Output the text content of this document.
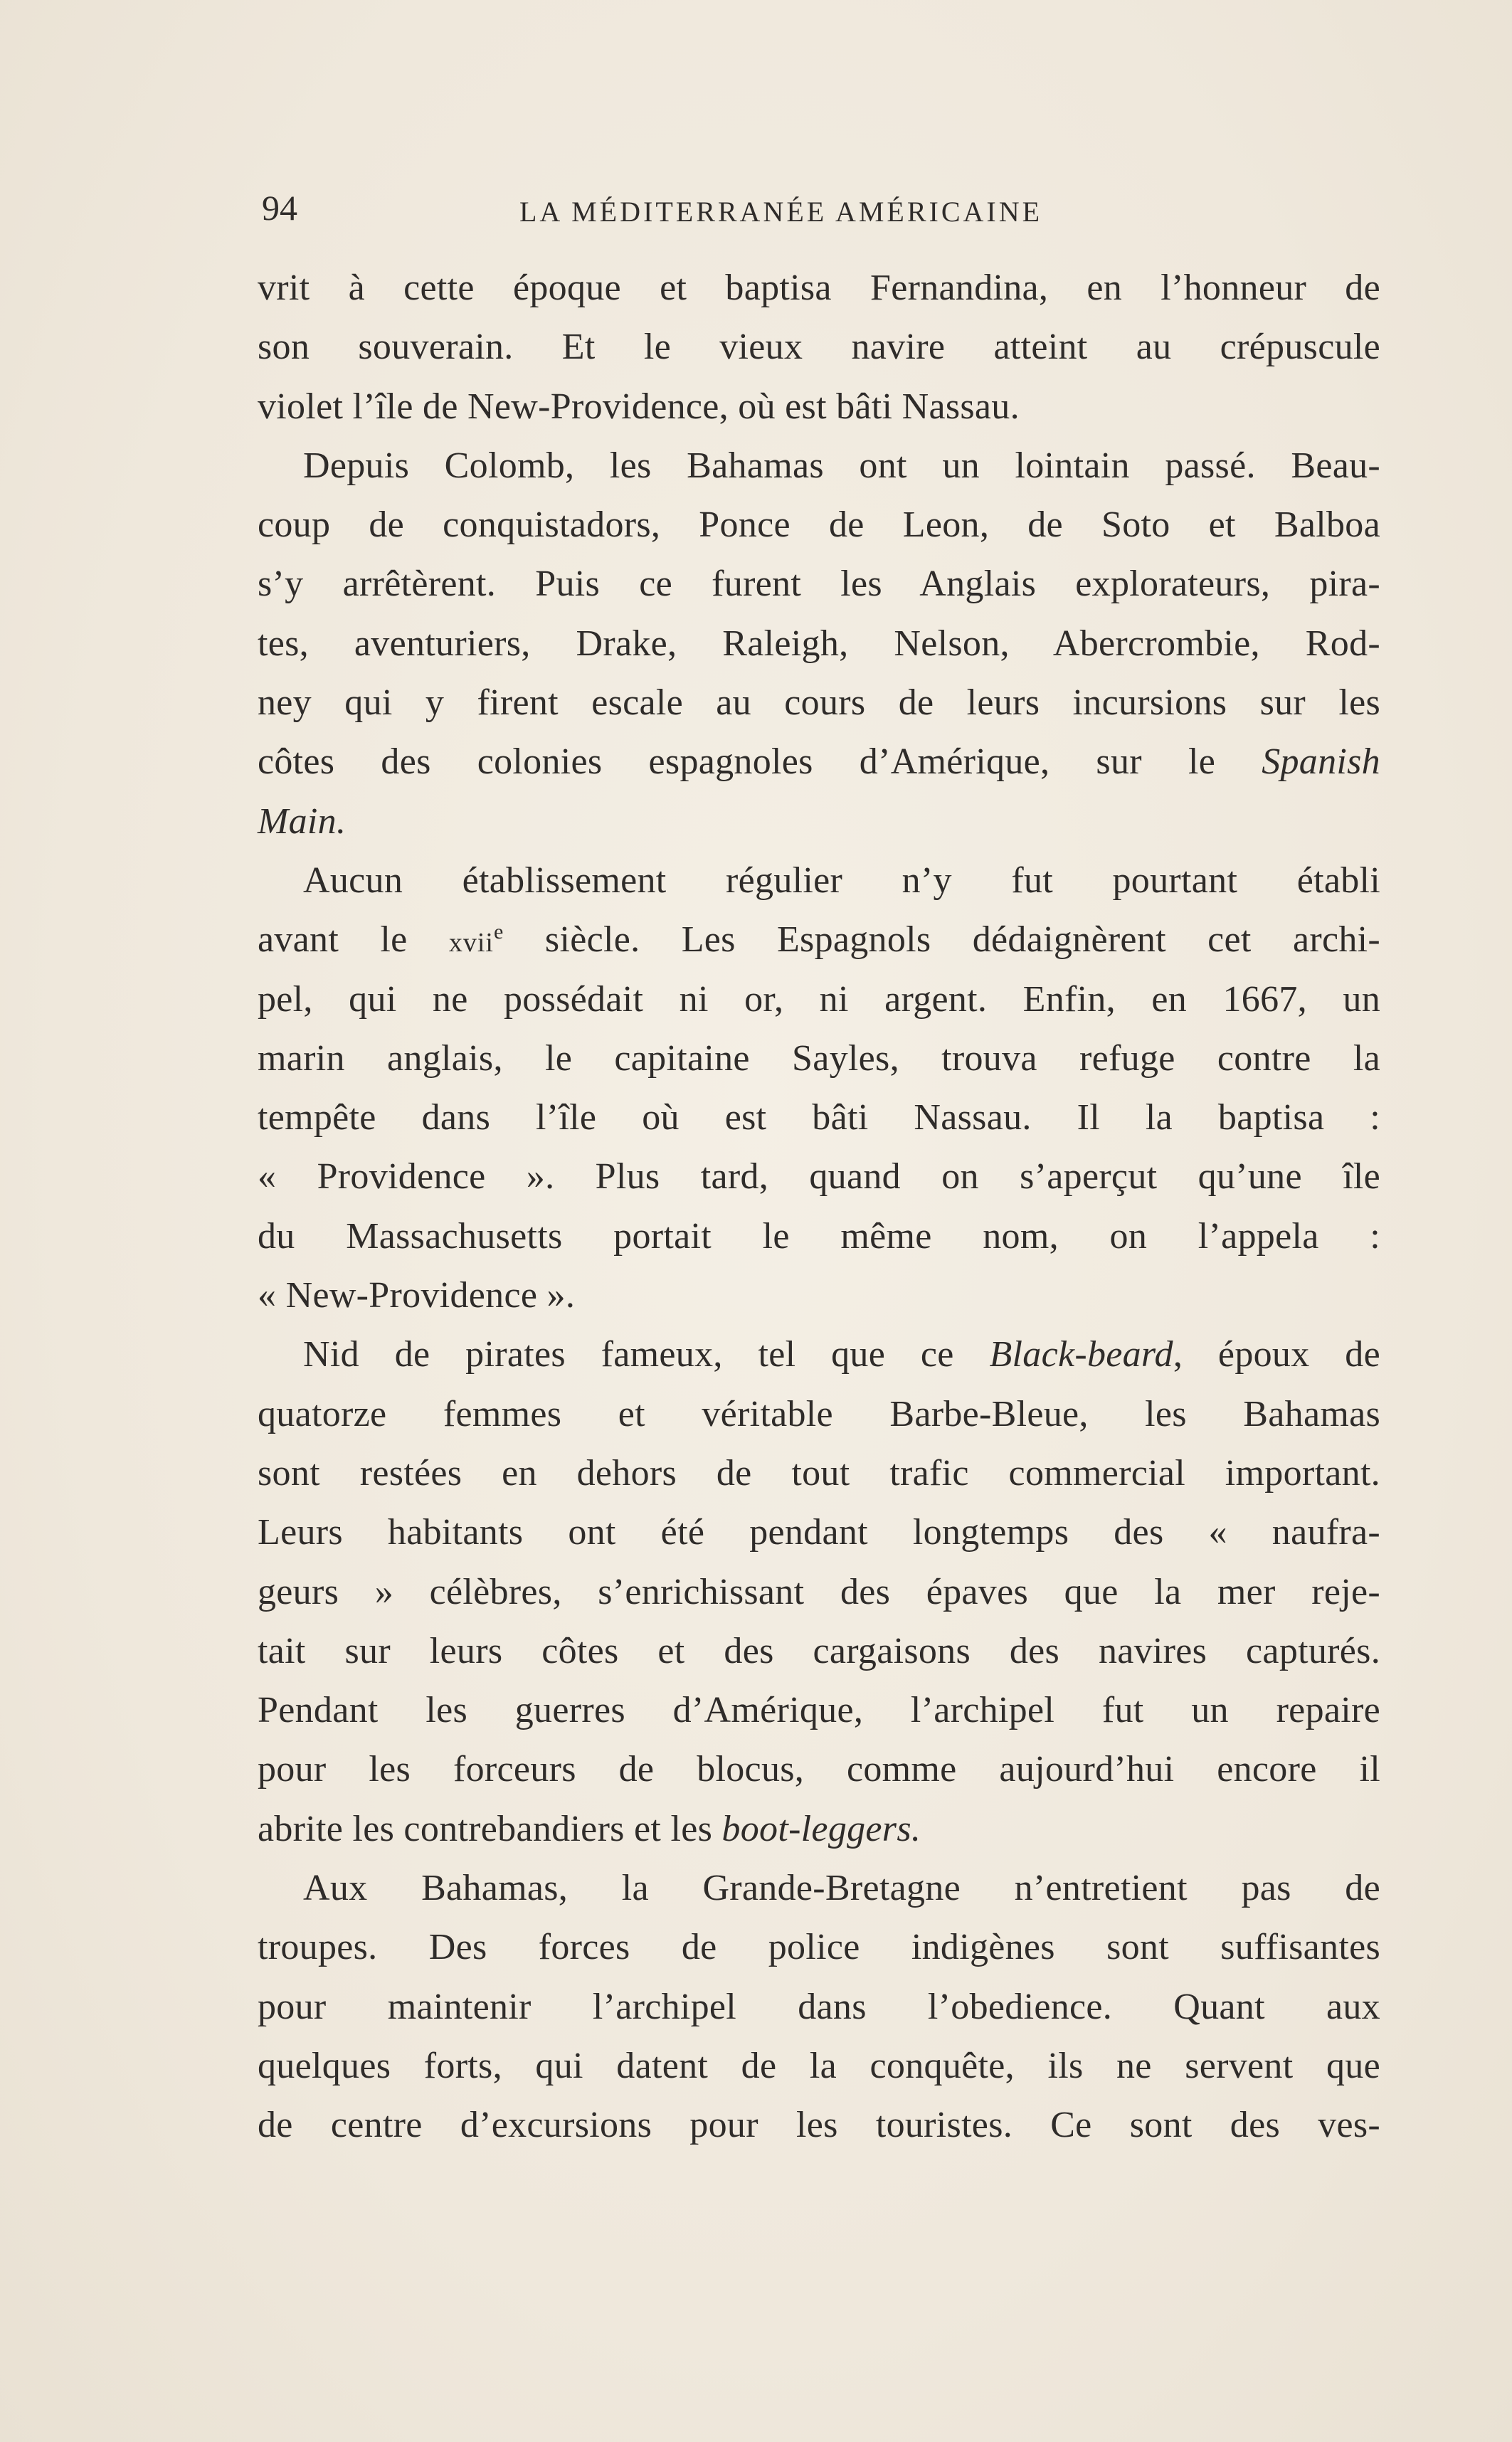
94	LA MÉDITERRANÉE AMÉRICAINE
vrit à cette époque et baptisa Fernandina, en l’honneur de
son souverain. Et le vieux navire atteint au crépuscule
violet l’île de New-Providence, où est bâti Nassau.
Depuis Colomb, les Bahamas ont un lointain passé. Beau-
coup de conquistadors, Ponce de Leon, de Soto et Balboa
s’y arrêtèrent. Puis ce furent les Anglais explorateurs, pira-
tes, aventuriers, Drake, Raleigh, Nelson, Abercrombie, Rod-
ney qui y firent escale au cours de leurs incursions sur les
côtes des colonies espagnoles d’Amérique, sur le Spanish
Main.
Aucun établissement régulier n’y fut pourtant établi
avant le xvii$^e$ siècle. Les Espagnols dédaignèrent cet archi-
pel, qui ne possédait ni or, ni argent. Enfin, en 1667, un
marin anglais, le capitaine Sayles, trouva refuge contre la
tempête dans l’île où est bâti Nassau. Il la baptisa :
« Providence ». Plus tard, quand on s’aperçut qu’une île
du Massachusetts portait le même nom, on l’appela :
« New-Providence ».
Nid de pirates fameux, tel que ce Black-beard, époux de
quatorze femmes et véritable Barbe-Bleue, les Bahamas
sont restées en dehors de tout trafic commercial important.
Leurs habitants ont été pendant longtemps des « naufra-
geurs » célèbres, s’enrichissant des épaves que la mer reje-
tait sur leurs côtes et des cargaisons des navires capturés.
Pendant les guerres d’Amérique, l’archipel fut un repaire
pour les forceurs de blocus, comme aujourd’hui encore il
abrite les contrebandiers et les boot-leggers.
Aux Bahamas, la Grande-Bretagne n’entretient pas de
troupes. Des forces de police indigènes sont suffisantes
pour maintenir l’archipel dans l’obedience. Quant aux
quelques forts, qui datent de la conquête, ils ne servent que
de centre d’excursions pour les touristes. Ce sont des ves-
